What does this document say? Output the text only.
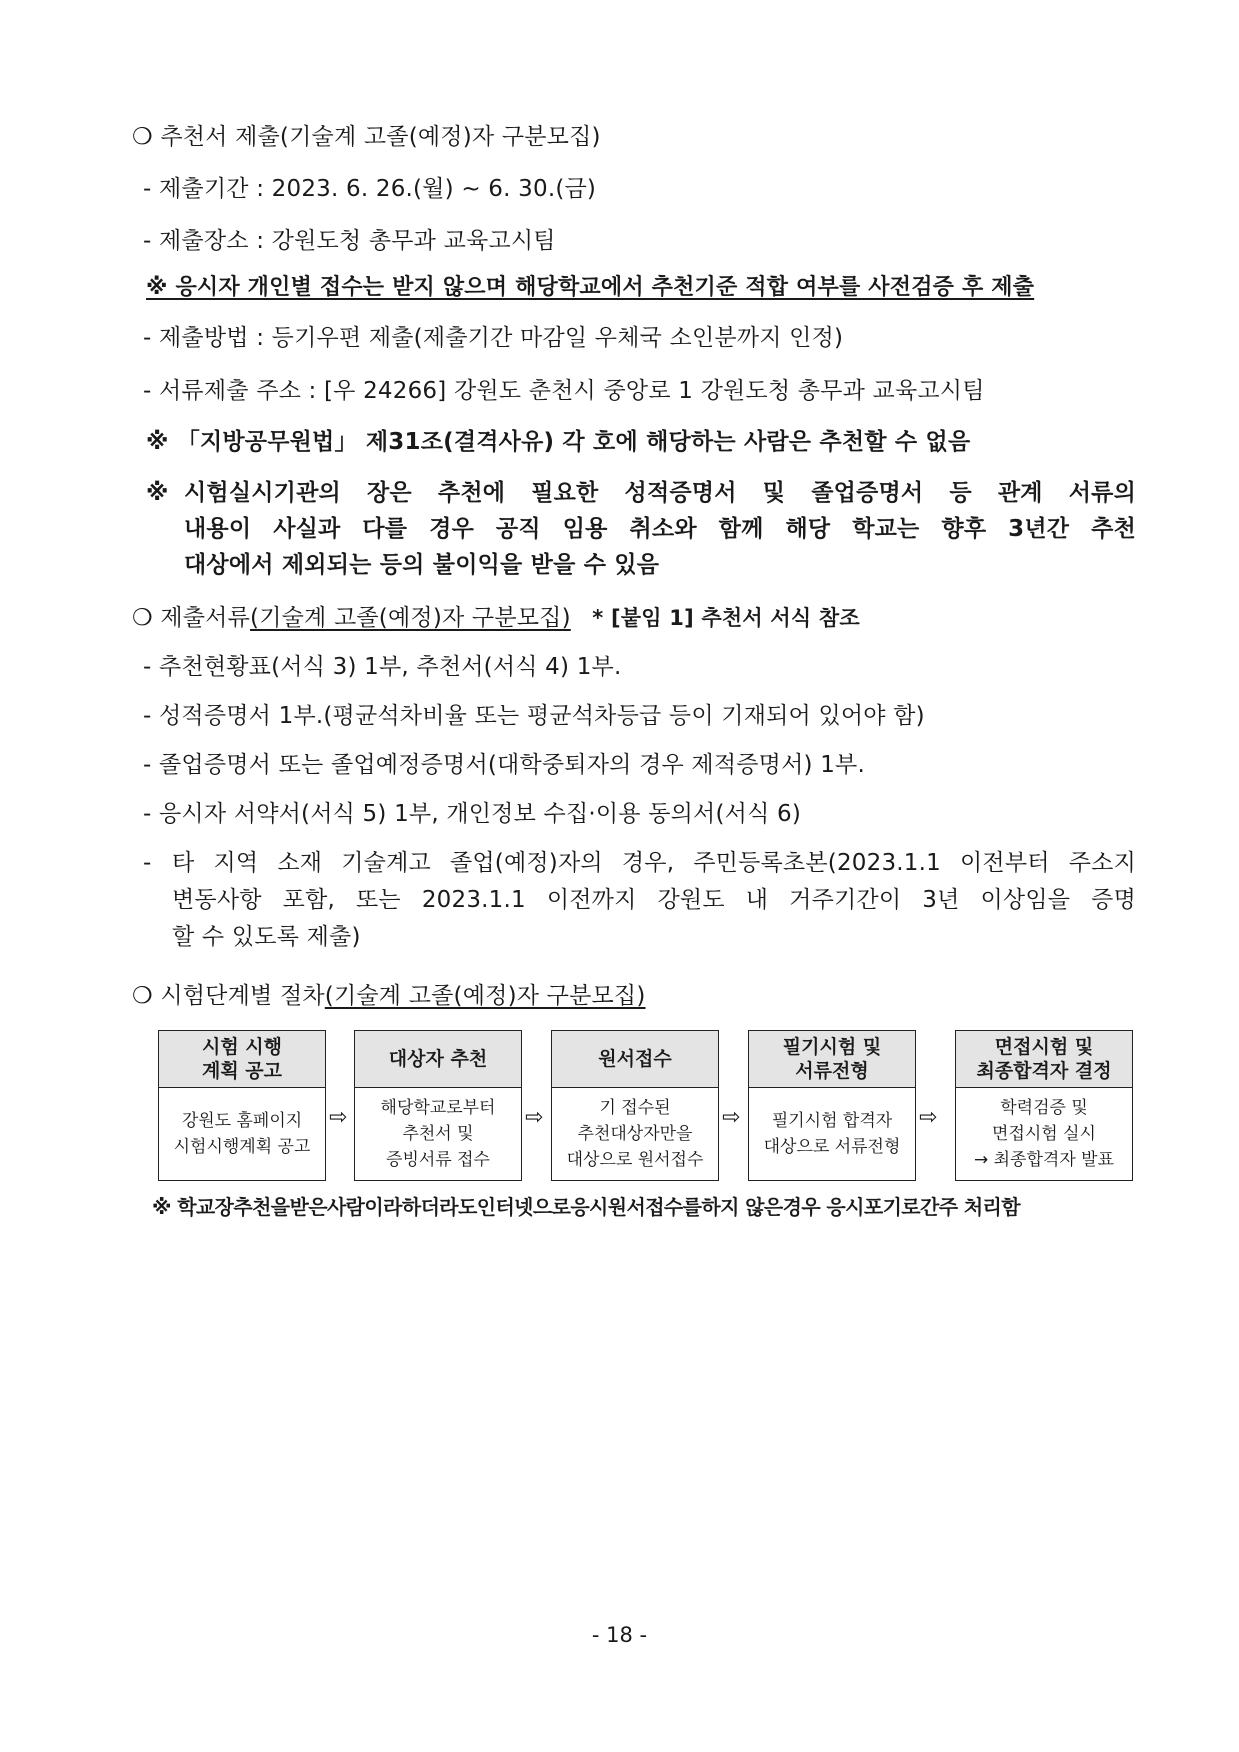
❍ 추천서 제출(기술계 고졸(예정)자 구분모집)
- 제출기간 : 2023. 6. 26.(월) ~ 6. 30.(금)
- 제출장소 : 강원도청 총무과 교육고시팀
※ 응시자 개인별 접수는 받지 않으며 해당학교에서 추천기준 적합 여부를 사전검증 후 제출
- 제출방법 : 등기우편 제출(제출기간 마감일 우체국 소인분까지 인정)
- 서류제출 주소 : [우 24266] 강원도 춘천시 중앙로 1 강원도청 총무과 교육고시팀
※ 「지방공무원법」 제31조(결격사유) 각 호에 해당하는 사람은 추천할 수 없음
※ 시험실시기관의 장은 추천에 필요한 성적증명서 및 졸업증명서 등 관계 서류의
내용이 사실과 다를 경우 공직 임용 취소와 함께 해당 학교는 향후 3년간 추천
대상에서 제외되는 등의 불이익을 받을 수 있음
❍ 제출서류(기술계 고졸(예정)자 구분모집) * [붙임 1] 추천서 서식 참조
- 추천현황표(서식 3) 1부, 추천서(서식 4) 1부.
- 성적증명서 1부.(평균석차비율 또는 평균석차등급 등이 기재되어 있어야 함)
- 졸업증명서 또는 졸업예정증명서(대학중퇴자의 경우 제적증명서) 1부.
- 응시자 서약서(서식 5) 1부, 개인정보 수집·이용 동의서(서식 6)
- 타 지역 소재 기술계고 졸업(예정)자의 경우, 주민등록초본(2023.1.1 이전부터 주소지
변동사항 포함, 또는 2023.1.1 이전까지 강원도 내 거주기간이 3년 이상임을 증명
할 수 있도록 제출)
❍ 시험단계별 절차(기술계 고졸(예정)자 구분모집)
시험 시행
계획 공고
강원도 홈페이지
시험시행계획 공고
⇨
대상자 추천
해당학교로부터
추천서 및
증빙서류 접수
⇨
원서접수
기 접수된
추천대상자만을
대상으로 원서접수
⇨
필기시험 및
서류전형
필기시험 합격자
대상으로 서류전형
⇨
면접시험 및
최종합격자 결정
학력검증 및
면접시험 실시
→ 최종합격자 발표
※ 학교장추천을받은사람이라하더라도인터넷으로응시원서접수를하지 않은경우 응시포기로간주 처리함
- 18 -
